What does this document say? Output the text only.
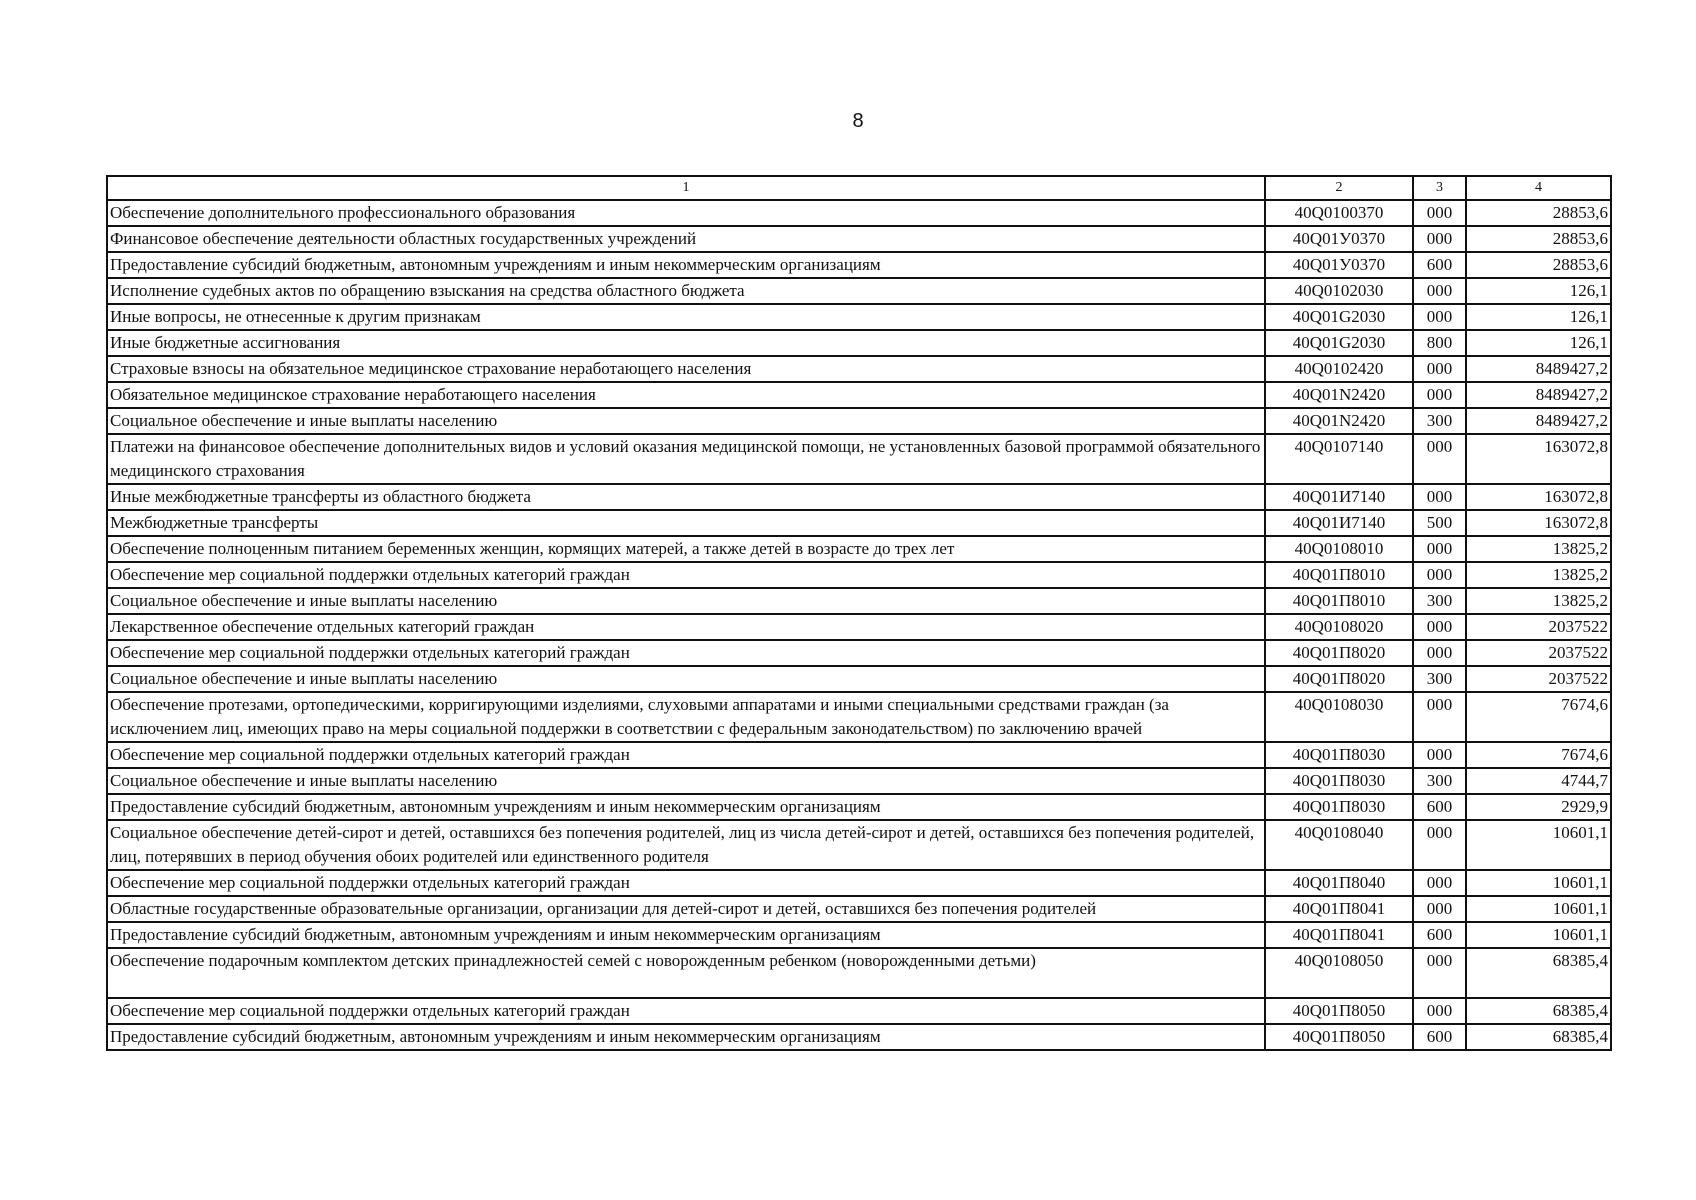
8
1	2	3	4
Обеспечение дополнительного профессионального образования	40Q0100370	000	28853,6
Финансовое обеспечение деятельности областных государственных учреждений	40Q01У0370	000	28853,6
Предоставление субсидий бюджетным, автономным учреждениям и иным некоммерческим организациям	40Q01У0370	600	28853,6
Исполнение судебных актов по обращению взыскания на средства областного бюджета	40Q0102030	000	126,1
Иные вопросы, не отнесенные к другим признакам	40Q01G2030	000	126,1
Иные бюджетные ассигнования	40Q01G2030	800	126,1
Страховые взносы на обязательное медицинское страхование неработающего населения	40Q0102420	000	8489427,2
Обязательное медицинское страхование неработающего населения	40Q01N2420	000	8489427,2
Социальное обеспечение и иные выплаты населению	40Q01N2420	300	8489427,2
Платежи на финансовое обеспечение дополнительных видов и условий оказания медицинской помощи, не установленных базовой программой обязательного медицинского страхования	40Q0107140	000	163072,8
Иные межбюджетные трансферты из областного бюджета	40Q01И7140	000	163072,8
Межбюджетные трансферты	40Q01И7140	500	163072,8
Обеспечение полноценным питанием беременных женщин, кормящих матерей, а также детей в возрасте до трех лет	40Q0108010	000	13825,2
Обеспечение мер социальной поддержки отдельных категорий граждан	40Q01П8010	000	13825,2
Социальное обеспечение и иные выплаты населению	40Q01П8010	300	13825,2
Лекарственное обеспечение отдельных категорий граждан	40Q0108020	000	2037522
Обеспечение мер социальной поддержки отдельных категорий граждан	40Q01П8020	000	2037522
Социальное обеспечение и иные выплаты населению	40Q01П8020	300	2037522
Обеспечение протезами, ортопедическими, корригирующими изделиями, слуховыми аппаратами и иными специальными средствами граждан (за исключением лиц, имеющих право на меры социальной поддержки в соответствии с федеральным законодательством) по заключению врачей	40Q0108030	000	7674,6
Обеспечение мер социальной поддержки отдельных категорий граждан	40Q01П8030	000	7674,6
Социальное обеспечение и иные выплаты населению	40Q01П8030	300	4744,7
Предоставление субсидий бюджетным, автономным учреждениям и иным некоммерческим организациям	40Q01П8030	600	2929,9
Социальное обеспечение детей-сирот и детей, оставшихся без попечения родителей, лиц из числа детей-сирот и детей, оставшихся без попечения родителей, лиц, потерявших в период обучения обоих родителей или единственного родителя	40Q0108040	000	10601,1
Обеспечение мер социальной поддержки отдельных категорий граждан	40Q01П8040	000	10601,1
Областные государственные образовательные организации, организации для детей-сирот и детей, оставшихся без попечения родителей	40Q01П8041	000	10601,1
Предоставление субсидий бюджетным, автономным учреждениям и иным некоммерческим организациям	40Q01П8041	600	10601,1
Обеспечение подарочным комплектом детских принадлежностей семей с новорожденным ребенком (новорожденными детьми)	40Q0108050	000	68385,4
Обеспечение мер социальной поддержки отдельных категорий граждан	40Q01П8050	000	68385,4
Предоставление субсидий бюджетным, автономным учреждениям и иным некоммерческим организациям	40Q01П8050	600	68385,4
